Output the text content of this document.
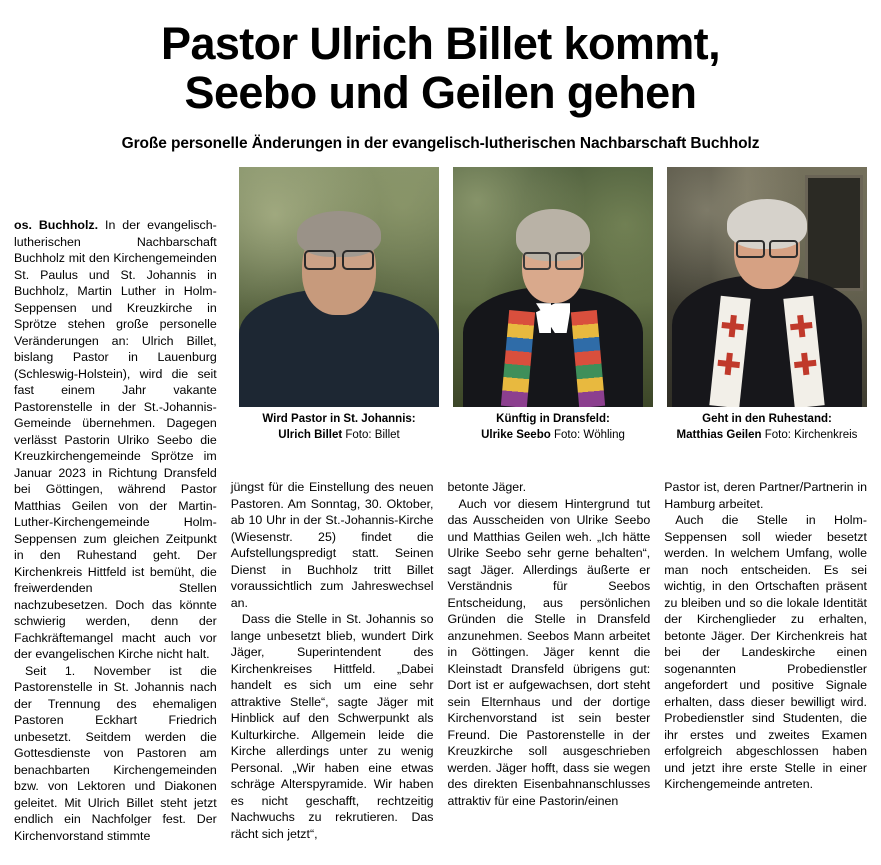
Pastor Ulrich Billet kommt,
Seebo und Geilen gehen
Große personelle Änderungen in der evangelisch-lutherischen Nachbarschaft Buchholz
Wird Pastor in St. Johannis:
Ulrich Billet Foto: Billet
Künftig in Dransfeld:
Ulrike Seebo Foto: Wöhling
Geht in den Ruhestand:
Matthias Geilen Foto: Kirchenkreis

os. Buchholz. In der evangelisch-lutherischen Nachbarschaft Buchholz mit den Kirchengemeinden St. Paulus und St. Johannis in Buchholz, Martin Luther in Holm-Seppensen und Kreuzkirche in Sprötze stehen große personelle Veränderungen an: Ulrich Billet, bislang Pastor in Lauenburg (Schleswig-Holstein), wird die seit fast einem Jahr vakante Pastorenstelle in der St.-Johannis-Gemeinde übernehmen. Dagegen verlässt Pastorin Ulriko Seebo die Kreuzkirchengemeinde Sprötze im Januar 2023 in Richtung Dransfeld bei Göttingen, während Pastor Matthias Geilen von der Martin-Luther-Kirchengemeinde Holm-Seppensen zum gleichen Zeitpunkt in den Ruhestand geht. Der Kirchenkreis Hittfeld ist bemüht, die freiwerdenden Stellen nachzubesetzen. Doch das könnte schwierig werden, denn der Fachkräftemangel macht auch vor der evangelischen Kirche nicht halt.

Seit 1. November ist die Pastorenstelle in St. Johannis nach der Trennung des ehemaligen Pastoren Eckhart Friedrich unbesetzt. Seitdem werden die Gottesdienste von Pastoren am benachbarten Kirchengemeinden bzw. von Lektoren und Diakonen geleitet. Mit Ulrich Billet steht jetzt endlich ein Nachfolger fest. Der Kirchenvorstand stimmte

jüngst für die Einstellung des neuen Pastoren. Am Sonntag, 30. Oktober, ab 10 Uhr in der St.-Johannis-Kirche (Wiesenstr. 25) findet die Aufstellungspredigt statt. Seinen Dienst in Buchholz tritt Billet voraussichtlich zum Jahreswechsel an.

Dass die Stelle in St. Johannis so lange unbesetzt blieb, wundert Dirk Jäger, Superintendent des Kirchenkreises Hittfeld. „Dabei handelt es sich um eine sehr attraktive Stelle“, sagte Jäger mit Hinblick auf den Schwerpunkt als Kulturkirche. Allgemein leide die Kirche allerdings unter zu wenig Personal. „Wir haben eine etwas schräge Alterspyramide. Wir haben es nicht geschafft, rechtzeitig Nachwuchs zu rekrutieren. Das rächt sich jetzt“,

betonte Jäger.

Auch vor diesem Hintergrund tut das Ausscheiden von Ulrike Seebo und Matthias Geilen weh. „Ich hätte Ulrike Seebo sehr gerne behalten“, sagt Jäger. Allerdings äußerte er Verständnis für Seebos Entscheidung, aus persönlichen Gründen die Stelle in Dransfeld anzunehmen. Seebos Mann arbeitet in Göttingen. Jäger kennt die Kleinstadt Dransfeld übrigens gut: Dort ist er aufgewachsen, dort steht sein Elternhaus und der dortige Kirchenvorstand ist sein bester Freund. Die Pastorenstelle in der Kreuzkirche soll ausgeschrieben werden. Jäger hofft, dass sie wegen des direkten Eisenbahnanschlusses attraktiv für eine Pastorin/einen

Pastor ist, deren Partner/Partnerin in Hamburg arbeitet.

Auch die Stelle in Holm-Seppensen soll wieder besetzt werden. In welchem Umfang, wolle man noch entscheiden. Es sei wichtig, in den Ortschaften präsent zu bleiben und so die lokale Identität der Kirchenglieder zu erhalten, betonte Jäger. Der Kirchenkreis hat bei der Landeskirche einen sogenannten Probedienstler angefordert und positive Signale erhalten, dass dieser bewilligt wird. Probedienstler sind Studenten, die ihr erstes und zweites Examen erfolgreich abgeschlossen haben und jetzt ihre erste Stelle in einer Kirchengemeinde antreten.
